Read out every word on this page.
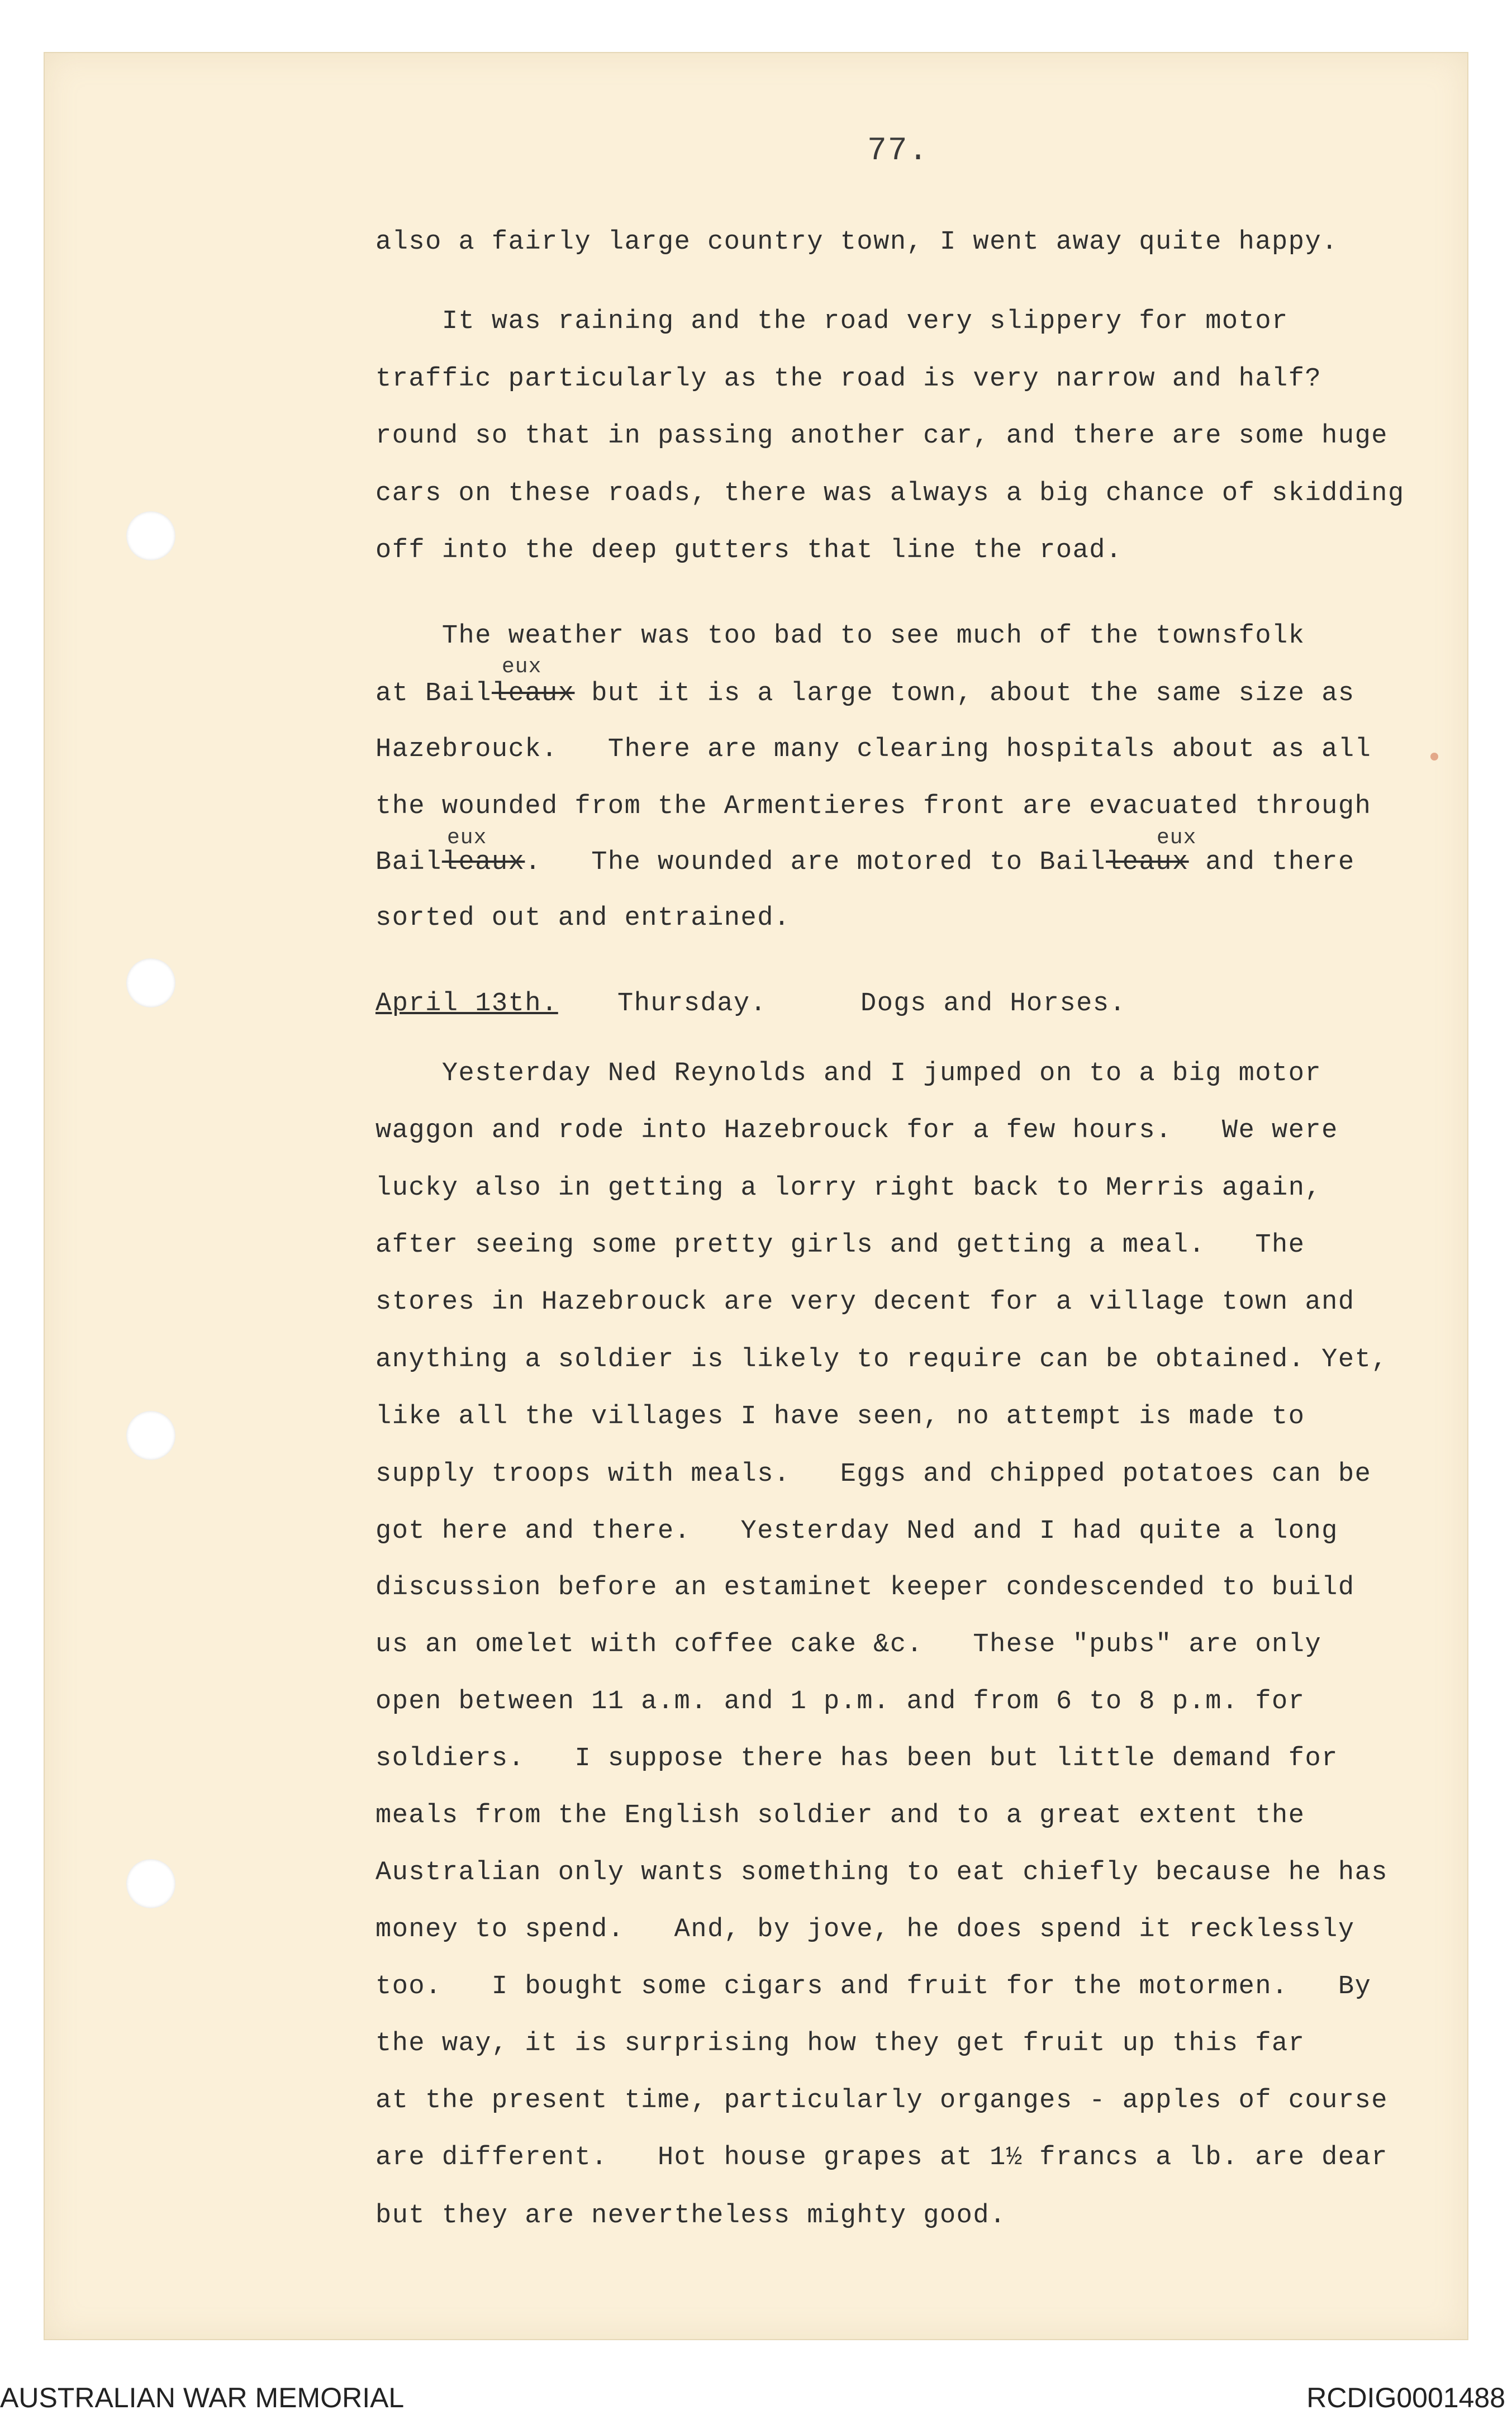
77.
also a fairly large country town, I went away quite happy.
It was raining and the road very slippery for motor
traffic particularly as the road is very narrow and half?
round so that in passing another car, and there are some huge
cars on these roads, there was always a big chance of skidding
off into the deep gutters that line the road.
The weather was too bad to see much of the townsfolk
at Bailleaux but it is a large town, about the same size as
eux
Hazebrouck.   There are many clearing hospitals about as all
the wounded from the Armentieres front are evacuated through
Bailleaux. The wounded are motored to Bailleaux and there
eux	eux
sorted out and entrained.
April 13th. Thursday.	Dogs and Horses.
Yesterday Ned Reynolds and I jumped on to a big motor
waggon and rode into Hazebrouck for a few hours.   We were
lucky also in getting a lorry right back to Merris again,
after seeing some pretty girls and getting a meal.   The
stores in Hazebrouck are very decent for a village town and
anything a soldier is likely to require can be obtained. Yet,
like all the villages I have seen, no attempt is made to
supply troops with meals.   Eggs and chipped potatoes can be
got here and there.   Yesterday Ned and I had quite a long
discussion before an estaminet keeper condescended to build
us an omelet with coffee cake &c.   These "pubs" are only
open between 11 a.m. and 1 p.m. and from 6 to 8 p.m. for
soldiers.   I suppose there has been but little demand for
meals from the English soldier and to a great extent the
Australian only wants something to eat chiefly because he has
money to spend.   And, by jove, he does spend it recklessly
too.   I bought some cigars and fruit for the motormen.   By
the way, it is surprising how they get fruit up this far
at the present time, particularly organges - apples of course
are different.   Hot house grapes at 1½ francs a lb. are dear
but they are nevertheless mighty good.
AUSTRALIAN WAR MEMORIAL	RCDIG0001488
